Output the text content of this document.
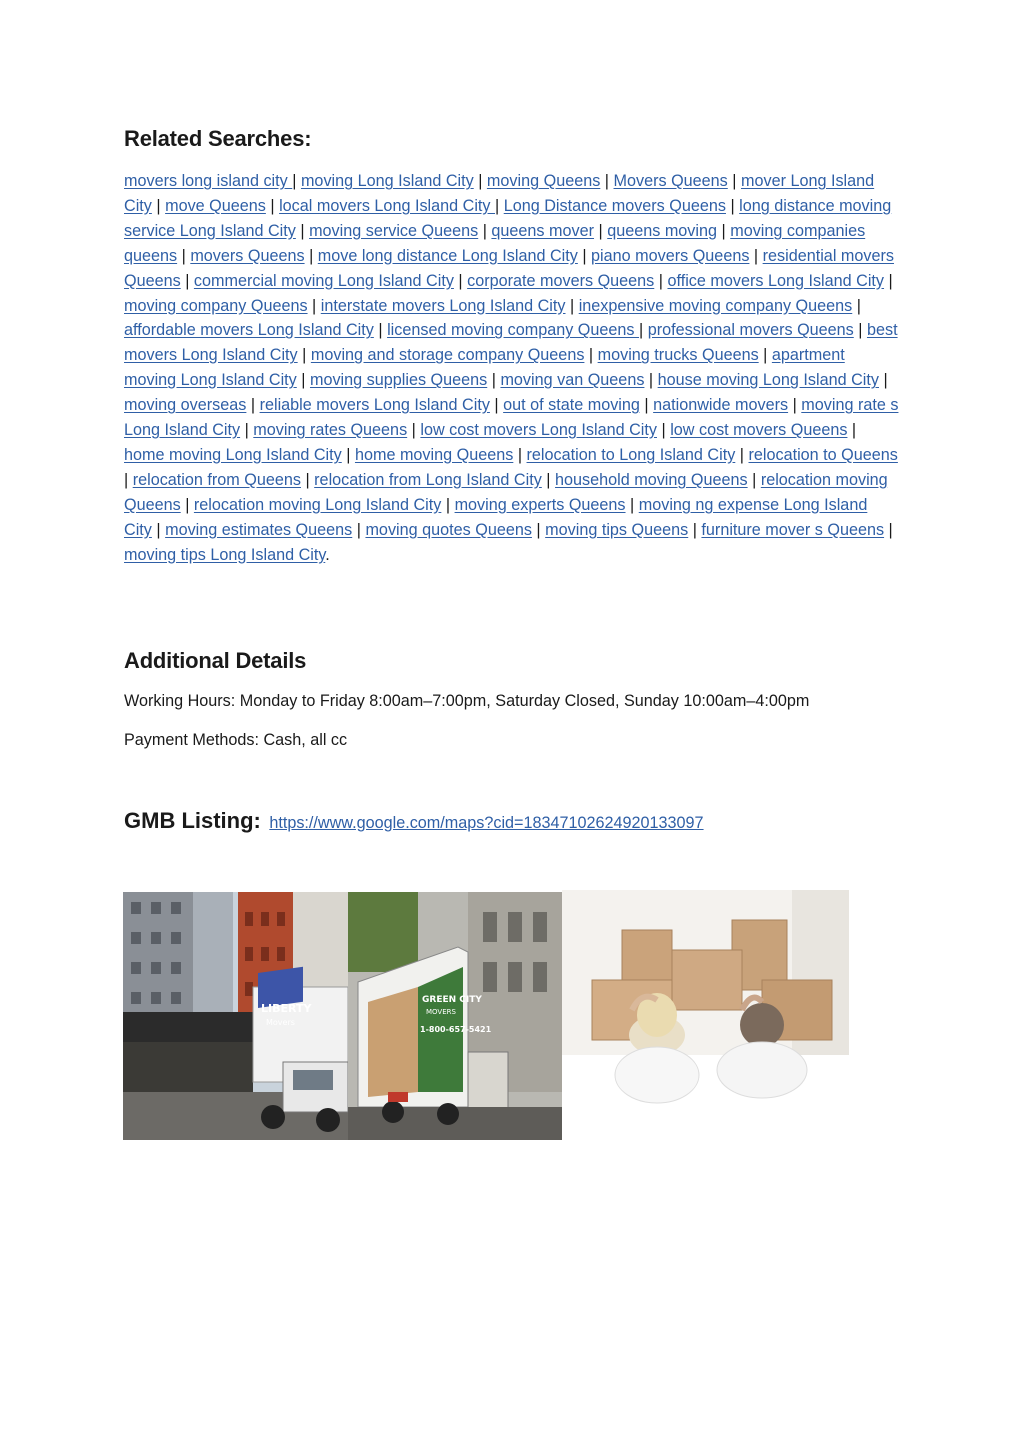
Related Searches:
movers long island city | moving Long Island City | moving Queens | Movers Queens | mover Long Island City | move Queens | local movers Long Island City | Long Distance movers Queens | long distance moving service Long Island City | moving service Queens | queens mover | queens moving | moving companies queens | movers Queens | move long distance Long Island City | piano movers Queens | residential movers Queens | commercial moving Long Island City | corporate movers Queens | office movers Long Island City | moving company Queens | interstate movers Long Island City | inexpensive moving company Queens | affordable movers Long Island City | licensed moving company Queens | professional movers Queens | best movers Long Island City | moving and storage company Queens | moving trucks Queens | apartment moving Long Island City | moving supplies Queens | moving van Queens | house moving Long Island City | moving overseas | reliable movers Long Island City | out of state moving | nationwide movers | moving rate s Long Island City | moving rates Queens | low cost movers Long Island City | low cost movers Queens | home moving Long Island City | home moving Queens | relocation to Long Island City | relocation to Queens | relocation from Queens | relocation from Long Island City | household moving Queens | relocation moving Queens | relocation moving Long Island City | moving experts Queens | moving ng expense Long Island City | moving estimates Queens | moving quotes Queens | moving tips Queens | furniture mover s Queens | moving tips Long Island City.
Additional Details
Working Hours: Monday to Friday 8:00am–7:00pm, Saturday Closed, Sunday 10:00am–4:00pm
Payment Methods: Cash, all cc
GMB Listing: https://www.google.com/maps?cid=18347102624920133097
LIBERTY
Movers
GREEN CITY
MOVERS
1-800-657-5421
